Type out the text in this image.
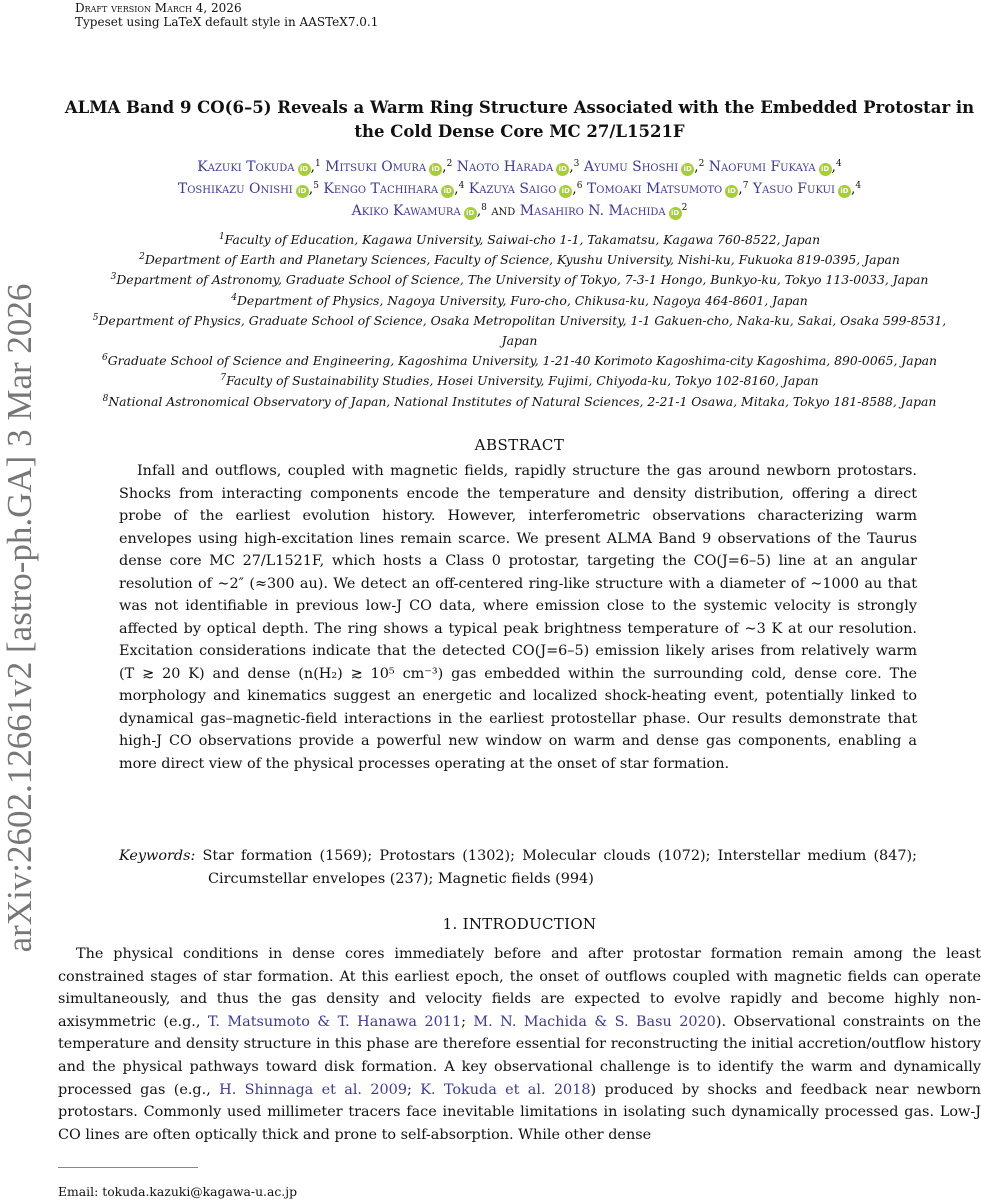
Draft version March 4, 2026
Typeset using LaTeX default style in AASTeX7.0.1
arXiv:2602.12661v2 [astro-ph.GA] 3 Mar 2026
ALMA Band 9 CO(6–5) Reveals a Warm Ring Structure Associated with the Embedded Protostar in the Cold Dense Core MC 27/L1521F
Kazuki Tokuda iD ,$^1$ Mitsuki Omura iD ,$^2$ Naoto Harada iD ,$^3$ Ayumu Shoshi iD ,$^2$ Naofumi Fukaya iD ,$^4$
Toshikazu Onishi iD ,$^5$ Kengo Tachihara iD ,$^4$ Kazuya Saigo iD ,$^6$ Tomoaki Matsumoto iD ,$^7$ Yasuo Fukui iD ,$^4$
Akiko Kawamura iD ,$^8$ and Masahiro N. Machida iD $^2$
$^1$Faculty of Education, Kagawa University, Saiwai-cho 1-1, Takamatsu, Kagawa 760-8522, Japan
$^2$Department of Earth and Planetary Sciences, Faculty of Science, Kyushu University, Nishi-ku, Fukuoka 819-0395, Japan
$^3$Department of Astronomy, Graduate School of Science, The University of Tokyo, 7-3-1 Hongo, Bunkyo-ku, Tokyo 113-0033, Japan
$^4$Department of Physics, Nagoya University, Furo-cho, Chikusa-ku, Nagoya 464-8601, Japan
$^5$Department of Physics, Graduate School of Science, Osaka Metropolitan University, 1-1 Gakuen-cho, Naka-ku, Sakai, Osaka 599-8531,
Japan
$^6$Graduate School of Science and Engineering, Kagoshima University, 1-21-40 Korimoto Kagoshima-city Kagoshima, 890-0065, Japan
$^7$Faculty of Sustainability Studies, Hosei University, Fujimi, Chiyoda-ku, Tokyo 102-8160, Japan
$^8$National Astronomical Observatory of Japan, National Institutes of Natural Sciences, 2-21-1 Osawa, Mitaka, Tokyo 181-8588, Japan
ABSTRACT

Infall and outflows, coupled with magnetic fields, rapidly structure the gas around newborn protostars. Shocks from interacting components encode the temperature and density distribution, offering a direct probe of the earliest evolution history. However, interferometric observations characterizing warm envelopes using high-excitation lines remain scarce. We present ALMA Band 9 observations of the Taurus dense core MC 27/L1521F, which hosts a Class 0 protostar, targeting the CO(J=6–5) line at an angular resolution of ∼2″ (≈300 au). We detect an off-centered ring-like structure with a diameter of ∼1000 au that was not identifiable in previous low-J CO data, where emission close to the systemic velocity is strongly affected by optical depth. The ring shows a typical peak brightness temperature of ∼3 K at our resolution. Excitation considerations indicate that the detected CO(J=6–5) emission likely arises from relatively warm (T ≳ 20 K) and dense (n(H₂) ≳ 10⁵ cm⁻³) gas embedded within the surrounding cold, dense core. The morphology and kinematics suggest an energetic and localized shock-heating event, potentially linked to dynamical gas–magnetic-field interactions in the earliest protostellar phase. Our results demonstrate that high-J CO observations provide a powerful new window on warm and dense gas components, enabling a more direct view of the physical processes operating at the onset of star formation.

Keywords: Star formation (1569); Protostars (1302); Molecular clouds (1072); Interstellar medium (847); Circumstellar envelopes (237); Magnetic fields (994)
1. INTRODUCTION

The physical conditions in dense cores immediately before and after protostar formation remain among the least constrained stages of star formation. At this earliest epoch, the onset of outflows coupled with magnetic fields can operate simultaneously, and thus the gas density and velocity fields are expected to evolve rapidly and become highly non-axisymmetric (e.g., T. Matsumoto & T. Hanawa 2011; M. N. Machida & S. Basu 2020). Observational constraints on the temperature and density structure in this phase are therefore essential for reconstructing the initial accretion/outflow history and the physical pathways toward disk formation. A key observational challenge is to identify the warm and dynamically processed gas (e.g., H. Shinnaga et al. 2009; K. Tokuda et al. 2018) produced by shocks and feedback near newborn protostars. Commonly used millimeter tracers face inevitable limitations in isolating such dynamically processed gas. Low-J CO lines are often optically thick and prone to self-absorption. While other dense

Email: tokuda.kazuki@kagawa-u.ac.jp
